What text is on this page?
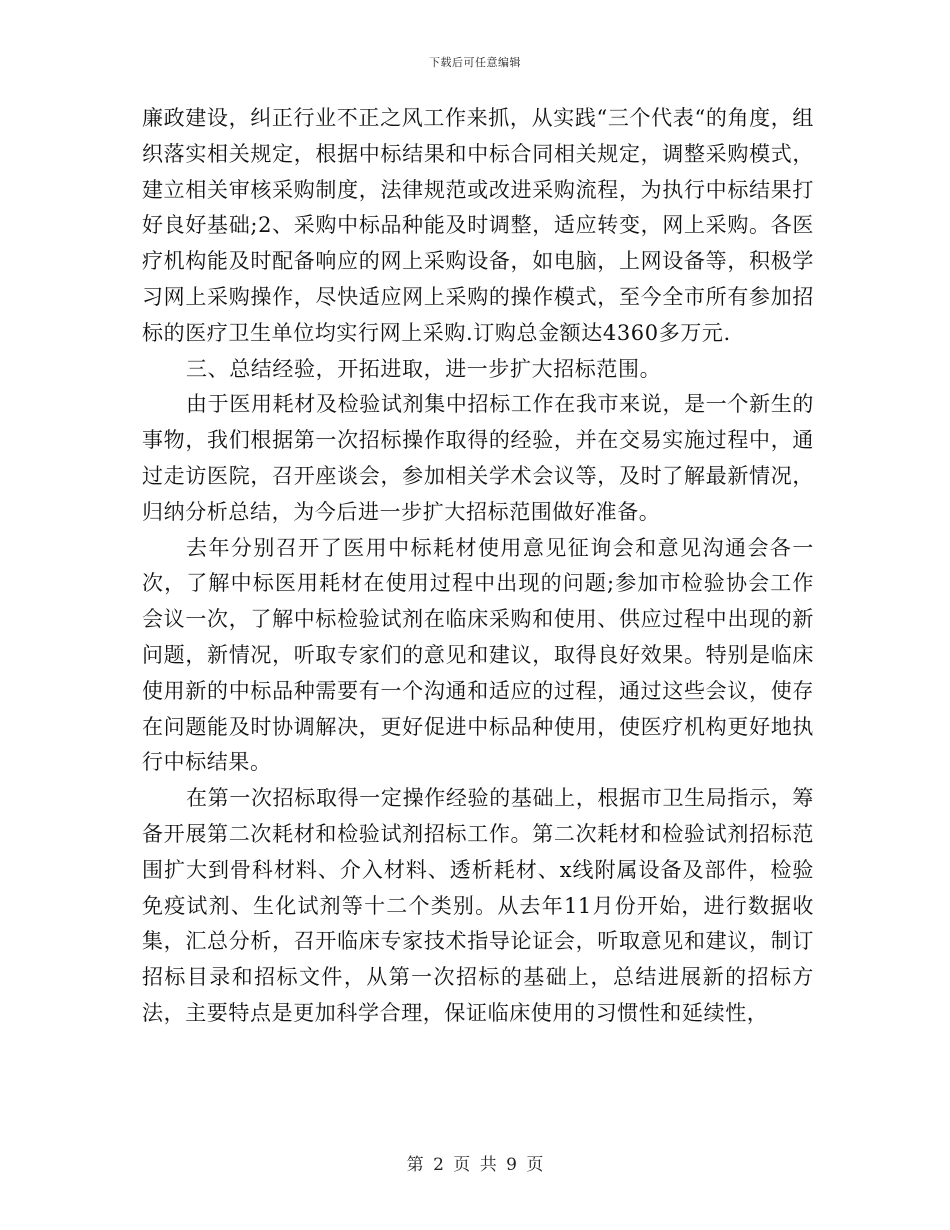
下载后可任意编辑

廉政建设，纠正行业不正之风工作来抓，从实践“三个代表“的角度，组织落实相关规定，根据中标结果和中标合同相关规定，调整采购模式，建立相关审核采购制度，法律规范或改进采购流程，为执行中标结果打好良好基础;2、采购中标品种能及时调整，适应转变，网上采购。各医疗机构能及时配备响应的网上采购设备，如电脑，上网设备等，积极学习网上采购操作，尽快适应网上采购的操作模式，至今全市所有参加招标的医疗卫生单位均实行网上采购.订购总金额达4360多万元.

三、总结经验，开拓进取，进一步扩大招标范围。

由于医用耗材及检验试剂集中招标工作在我市来说，是一个新生的事物，我们根据第一次招标操作取得的经验，并在交易实施过程中，通过走访医院，召开座谈会，参加相关学术会议等，及时了解最新情况，归纳分析总结，为今后进一步扩大招标范围做好准备。

去年分别召开了医用中标耗材使用意见征询会和意见沟通会各一次，了解中标医用耗材在使用过程中出现的问题;参加市检验协会工作会议一次，了解中标检验试剂在临床采购和使用、供应过程中出现的新问题，新情况，听取专家们的意见和建议，取得良好效果。特别是临床使用新的中标品种需要有一个沟通和适应的过程，通过这些会议，使存在问题能及时协调解决，更好促进中标品种使用，使医疗机构更好地执行中标结果。

在第一次招标取得一定操作经验的基础上，根据市卫生局指示，筹备开展第二次耗材和检验试剂招标工作。第二次耗材和检验试剂招标范围扩大到骨科材料、介入材料、透析耗材、x线附属设备及部件，检验免疫试剂、生化试剂等十二个类别。从去年11月份开始，进行数据收集，汇总分析，召开临床专家技术指导论证会，听取意见和建议，制订招标目录和招标文件，从第一次招标的基础上，总结进展新的招标方法，主要特点是更加科学合理，保证临床使用的习惯性和延续性，

第 2 页 共 9 页
